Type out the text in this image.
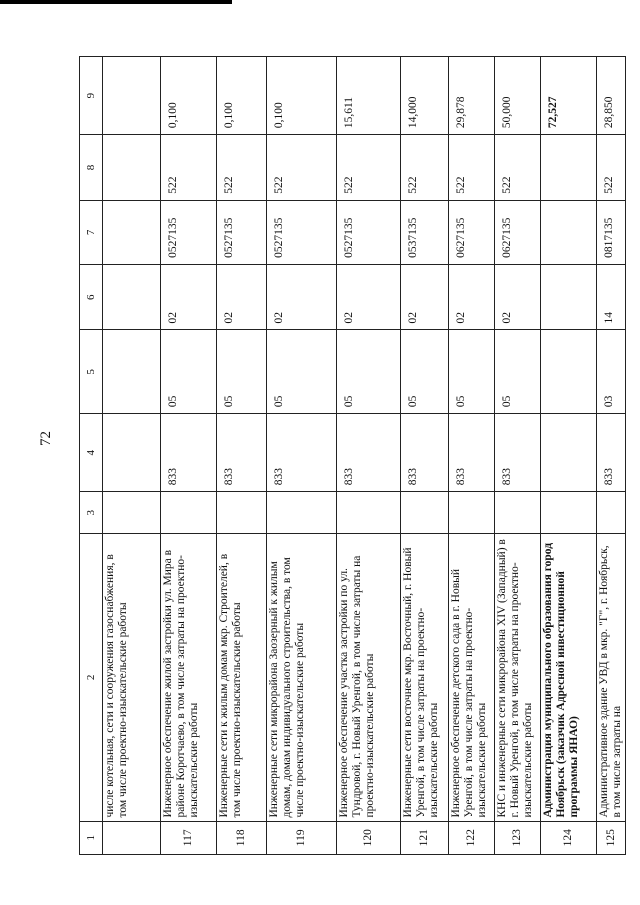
72
1	2	3	4	5	6	7	8	9
	числе котельная, сети и сооружения газоснабжения, в том числе проектно-изыскательские работы							
117	Инженерное обеспечение жилой застройки ул. Мира в районе Коротчаево, в том числе затраты на проектно-изыскательские работы		833	05	02	0527135	522	0,100
118	Инженерные сети к жилым домам мкр. Строителей, в том числе проектно-изыскательские работы		833	05	02	0527135	522	0,100
119	Инженерные сети микрорайона Заозерный к жилым домам, домам индивидуального строительства, в том числе проектно-изыскательские работы		833	05	02	0527135	522	0,100
120	Инженерное обеспечение участка застройки по ул. Тундровой, г. Новый Уренгой, в том числе затраты на проектно-изыскательские работы		833	05	02	0527135	522	15,611
121	Инженерные сети восточнее мкр. Восточный, г. Новый Уренгой, в том числе затраты на проектно-изыскательские работы		833	05	02	0537135	522	14,000
122	Инженерное обеспечение детского сада в г. Новый Уренгой, в том числе затраты на проектно-изыскательские работы		833	05	02	0627135	522	29,878
123	КНС и инженерные сети микрорайона XIV (Западный) в г. Новый Уренгой, в том числе затраты на проектно-изыскательские работы		833	05	02	0627135	522	50,000
124	Администрация муниципального образования город Ноябрьск (заказчик Адресной инвестиционной программы ЯНАО)							72,527
125	Административное здание УВД в мкр. "Г", г. Ноябрьск, в том числе затраты на		833	03	14	0817135	522	28,850
